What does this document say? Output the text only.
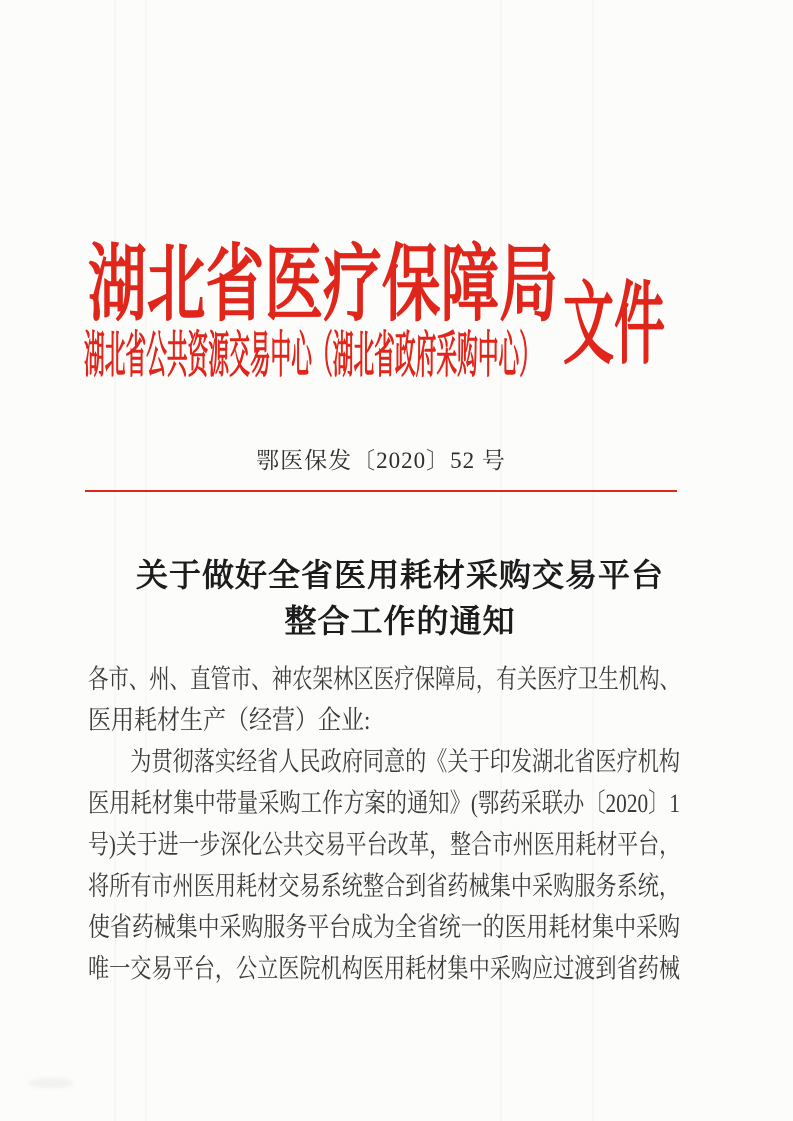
湖北省医疗保障局
湖北省公共资源交易中心（湖北省政府采购中心） 文件
鄂医保发〔2020〕52 号
关于做好全省医用耗材采购交易平台
整合工作的通知

各市、州、直管市、神农架林区医疗保障局，有关医疗卫生机构、

医用耗材生产（经营）企业:

为贯彻落实经省人民政府同意的《关于印发湖北省医疗机构

医用耗材集中带量采购工作方案的通知》(鄂药采联办〔2020〕1

号)关于进一步深化公共交易平台改革，整合市州医用耗材平台，

将所有市州医用耗材交易系统整合到省药械集中采购服务系统，

使省药械集中采购服务平台成为全省统一的医用耗材集中采购

唯一交易平台，公立医院机构医用耗材集中采购应过渡到省药械
